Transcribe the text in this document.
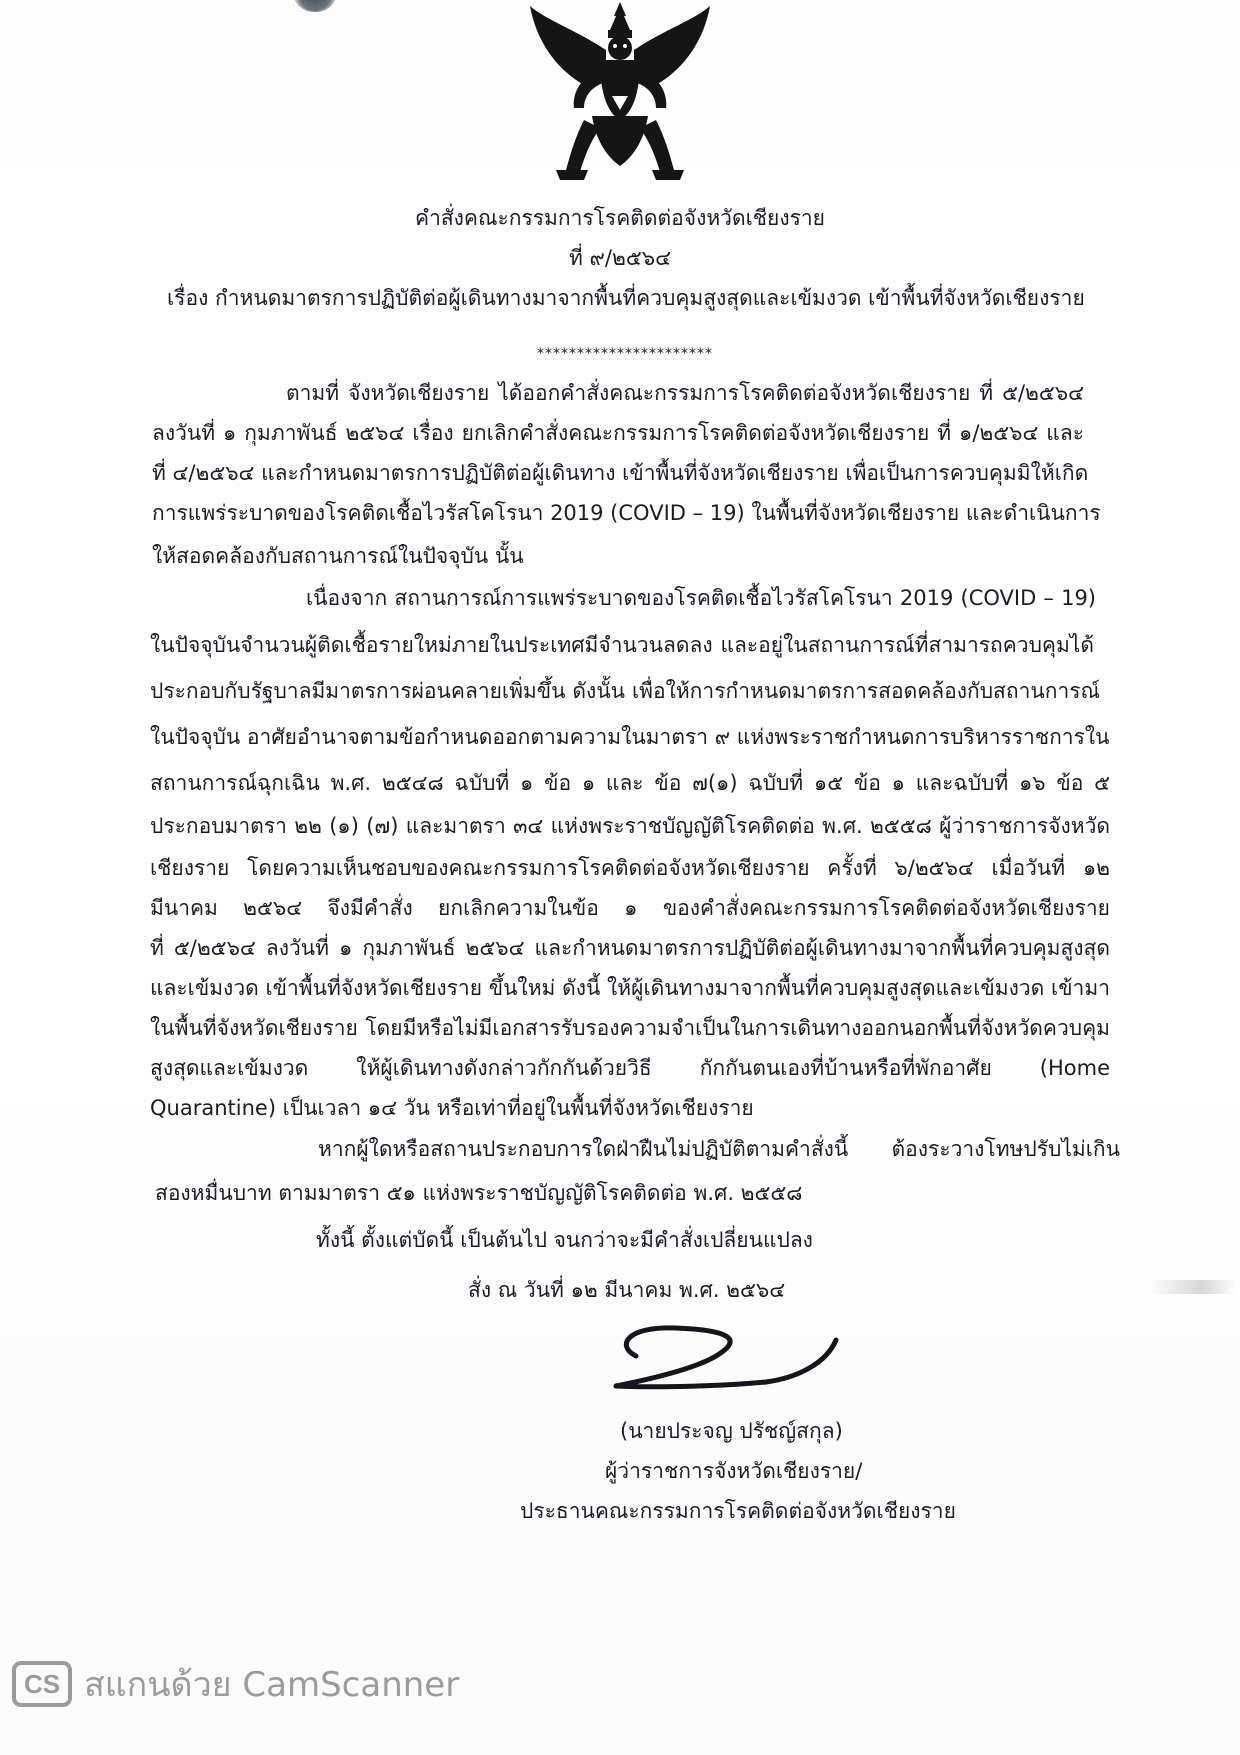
คำสั่งคณะกรรมการโรคติดต่อจังหวัดเชียงราย
ที่ ๙/๒๕๖๔
เรื่อง กำหนดมาตรการปฏิบัติต่อผู้เดินทางมาจากพื้นที่ควบคุมสูงสุดและเข้มงวด เข้าพื้นที่จังหวัดเชียงราย
**********************
ตามที่ จังหวัดเชียงราย ได้ออกคำสั่งคณะกรรมการโรคติดต่อจังหวัดเชียงราย ที่ ๕/๒๕๖๔
ลงวันที่ ๑ กุมภาพันธ์ ๒๕๖๔ เรื่อง ยกเลิกคำสั่งคณะกรรมการโรคติดต่อจังหวัดเชียงราย ที่ ๑/๒๕๖๔ และ
ที่ ๔/๒๕๖๔ และกำหนดมาตรการปฏิบัติต่อผู้เดินทาง เข้าพื้นที่จังหวัดเชียงราย เพื่อเป็นการควบคุมมิให้เกิด
การแพร่ระบาดของโรคติดเชื้อไวรัสโคโรนา 2019 (COVID – 19) ในพื้นที่จังหวัดเชียงราย และดำเนินการ
ให้สอดคล้องกับสถานการณ์ในปัจจุบัน นั้น
เนื่องจาก สถานการณ์การแพร่ระบาดของโรคติดเชื้อไวรัสโคโรนา 2019 (COVID – 19)
ในปัจจุบันจำนวนผู้ติดเชื้อรายใหม่ภายในประเทศมีจำนวนลดลง และอยู่ในสถานการณ์ที่สามารถควบคุมได้
ประกอบกับรัฐบาลมีมาตรการผ่อนคลายเพิ่มขึ้น ดังนั้น เพื่อให้การกำหนดมาตรการสอดคล้องกับสถานการณ์
ในปัจจุบัน อาศัยอำนาจตามข้อกำหนดออกตามความในมาตรา ๙ แห่งพระราชกำหนดการบริหารราชการใน
สถานการณ์ฉุกเฉิน พ.ศ. ๒๕๔๘ ฉบับที่ ๑ ข้อ ๑ และ ข้อ ๗(๑) ฉบับที่ ๑๕ ข้อ ๑ และฉบับที่ ๑๖ ข้อ ๕
ประกอบมาตรา ๒๒ (๑) (๗) และมาตรา ๓๔ แห่งพระราชบัญญัติโรคติดต่อ พ.ศ. ๒๕๕๘ ผู้ว่าราชการจังหวัด
เชียงราย โดยความเห็นชอบของคณะกรรมการโรคติดต่อจังหวัดเชียงราย ครั้งที่ ๖/๒๕๖๔ เมื่อวันที่ ๑๒
มีนาคม ๒๕๖๔ จึงมีคำสั่ง ยกเลิกความในข้อ ๑ ของคำสั่งคณะกรรมการโรคติดต่อจังหวัดเชียงราย
ที่ ๕/๒๕๖๔ ลงวันที่ ๑ กุมภาพันธ์ ๒๕๖๔ และกำหนดมาตรการปฏิบัติต่อผู้เดินทางมาจากพื้นที่ควบคุมสูงสุด
และเข้มงวด เข้าพื้นที่จังหวัดเชียงราย ขึ้นใหม่ ดังนี้ ให้ผู้เดินทางมาจากพื้นที่ควบคุมสูงสุดและเข้มงวด เข้ามา
ในพื้นที่จังหวัดเชียงราย โดยมีหรือไม่มีเอกสารรับรองความจำเป็นในการเดินทางออกนอกพื้นที่จังหวัดควบคุม
สูงสุดและเข้มงวด ให้ผู้เดินทางดังกล่าวกักกันด้วยวิธี กักกันตนเองที่บ้านหรือที่พักอาศัย (Home
Quarantine) เป็นเวลา ๑๔ วัน หรือเท่าที่อยู่ในพื้นที่จังหวัดเชียงราย
หากผู้ใดหรือสถานประกอบการใดฝ่าฝืนไม่ปฏิบัติตามคำสั่งนี้ ต้องระวางโทษปรับไม่เกิน
สองหมื่นบาท ตามมาตรา ๕๑ แห่งพระราชบัญญัติโรคติดต่อ พ.ศ. ๒๕๕๘
ทั้งนี้ ตั้งแต่บัดนี้ เป็นต้นไป จนกว่าจะมีคำสั่งเปลี่ยนแปลง
สั่ง ณ วันที่ ๑๒ มีนาคม พ.ศ. ๒๕๖๔
(นายประจญ ปรัชญ์สกุล)
ผู้ว่าราชการจังหวัดเชียงราย/
ประธานคณะกรรมการโรคติดต่อจังหวัดเชียงราย
CS สแกนด้วย CamScanner
